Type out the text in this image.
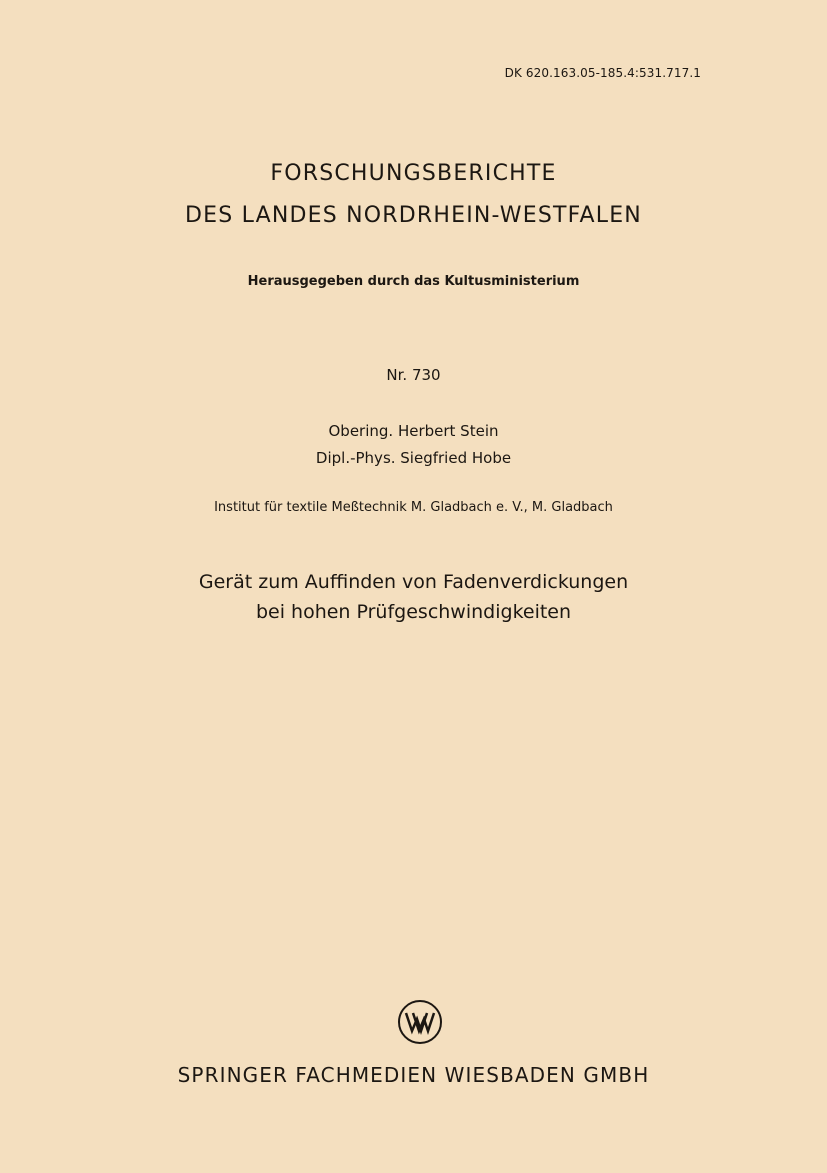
DK 620.163.05-185.4:531.717.1
FORSCHUNGSBERICHTE
DES LANDES NORDRHEIN-WESTFALEN
Herausgegeben durch das Kultusministerium
Nr. 730
Obering. Herbert Stein
Dipl.-Phys. Siegfried Hobe
Institut für textile Meßtechnik M. Gladbach e. V., M. Gladbach
Gerät zum Auffinden von Fadenverdickungen
bei hohen Prüfgeschwindigkeiten
SPRINGER FACHMEDIEN WIESBADEN GMBH
